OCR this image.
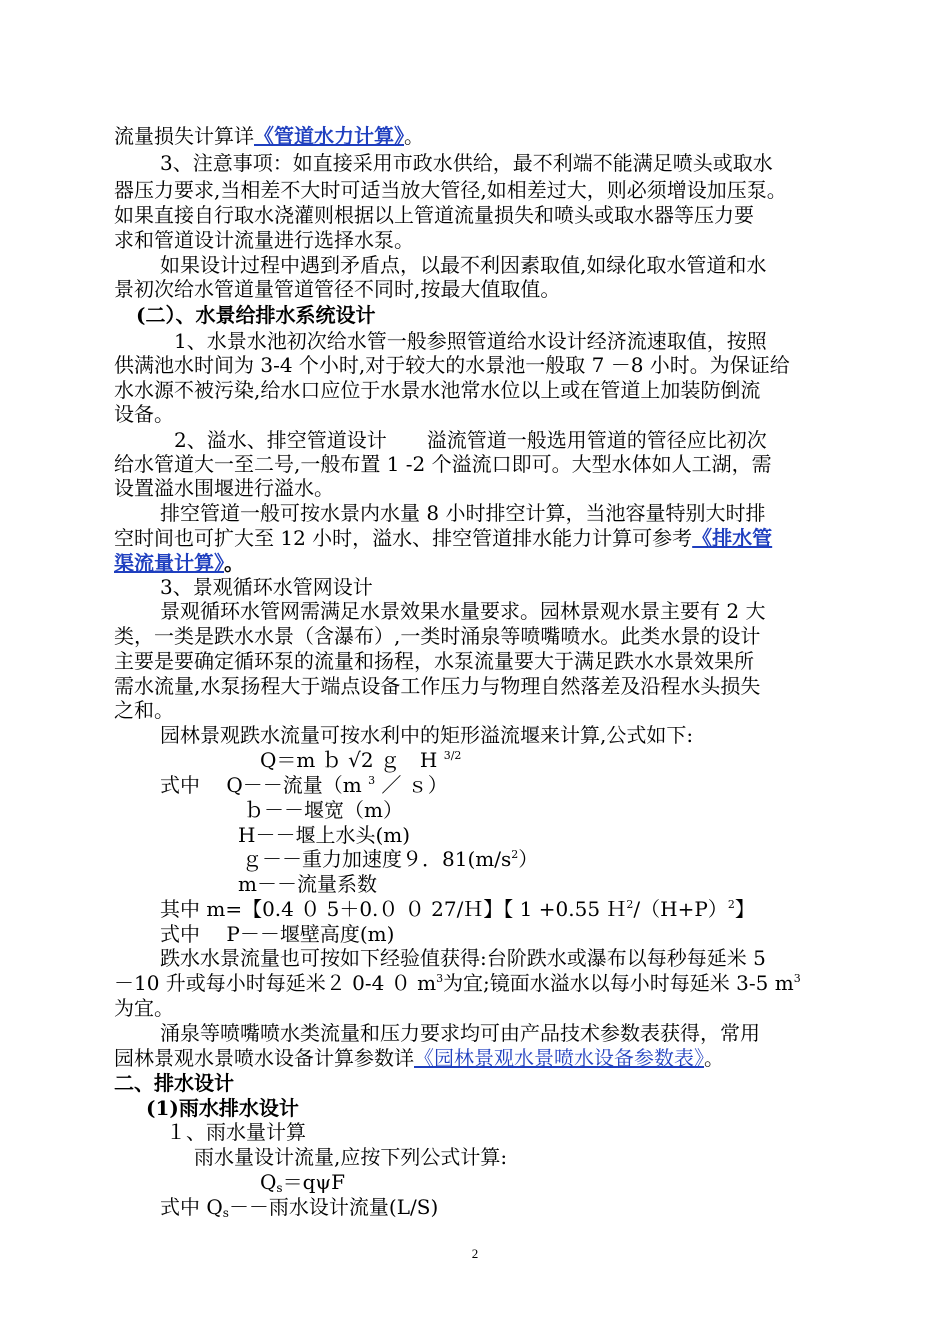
流量损失计算详《管道水力计算》。

3、注意事项：如直接采用市政水供给，最不利端不能满足喷头或取水

器压力要求,当相差不大时可适当放大管径,如相差过大，则必须增设加压泵。

如果直接自行取水浇灌则根据以上管道流量损失和喷头或取水器等压力要

求和管道设计流量进行选择水泵。

如果设计过程中遇到矛盾点，以最不利因素取值,如绿化取水管道和水

景初次给水管道量管道管径不同时,按最大值取值。

(二）、水景给排水系统设计

1、水景水池初次给水管一般参照管道给水设计经济流速取值，按照

供满池水时间为 3-4 个小时,对于较大的水景池一般取 7 －8 小时。为保证给

水水源不被污染,给水口应位于水景水池常水位以上或在管道上加装防倒流

设备。

2、溢水、排空管道设计　　溢流管道一般选用管道的管径应比初次

给水管道大一至二号,一般布置 1 -2 个溢流口即可。大型水体如人工湖，需

设置溢水围堰进行溢水。

排空管道一般可按水景内水量 8 小时排空计算，当池容量特别大时排

空时间也可扩大至 12 小时，溢水、排空管道排水能力计算可参考《排水管

渠流量计算》。

3、景观循环水管网设计

景观循环水管网需满足水景效果水量要求。园林景观水景主要有 2 大

类，一类是跌水水景（含瀑布）,一类时涌泉等喷嘴喷水。此类水景的设计

主要是要确定循环泵的流量和扬程，水泵流量要大于满足跌水水景效果所

需水流量,水泵扬程大于端点设备工作压力与物理自然落差及沿程水头损失

之和。

园林景观跌水流量可按水利中的矩形溢流堰来计算,公式如下:

Q＝m ｂ √2 ｇ　H $^{3/2}$

式中　 Q－－流量（m $^3$ ／ ｓ）

ｂ－－堰宽（m）

H－－堰上水头(m)

ｇ－－重力加速度９．$81(m/s^2)$

m－－流量系数

其中 m=【0.4 ０ 5＋0.０ ０ 27/Ｈ】【 1 +0.55 $H^2/(H+P)^2$】

式中　 P－－堰壁高度(m)

跌水水景流量也可按如下经验值获得:台阶跌水或瀑布以每秒每延米 5

－10 升或每小时每延米２ 0-4 ０ $m^3$为宜;镜面水溢水以每小时每延米 3-5 $m^3$

为宜。

涌泉等喷嘴喷水类流量和压力要求均可由产品技术参数表获得，常用

园林景观水景喷水设备计算参数详《园林景观水景喷水设备参数表》。

二、排水设计

(1)雨水排水设计

１、雨水量计算

雨水量设计流量,应按下列公式计算:

$Q_s=q\psi F$

式中 $Q_s--$雨水设计流量(L/S)

2
